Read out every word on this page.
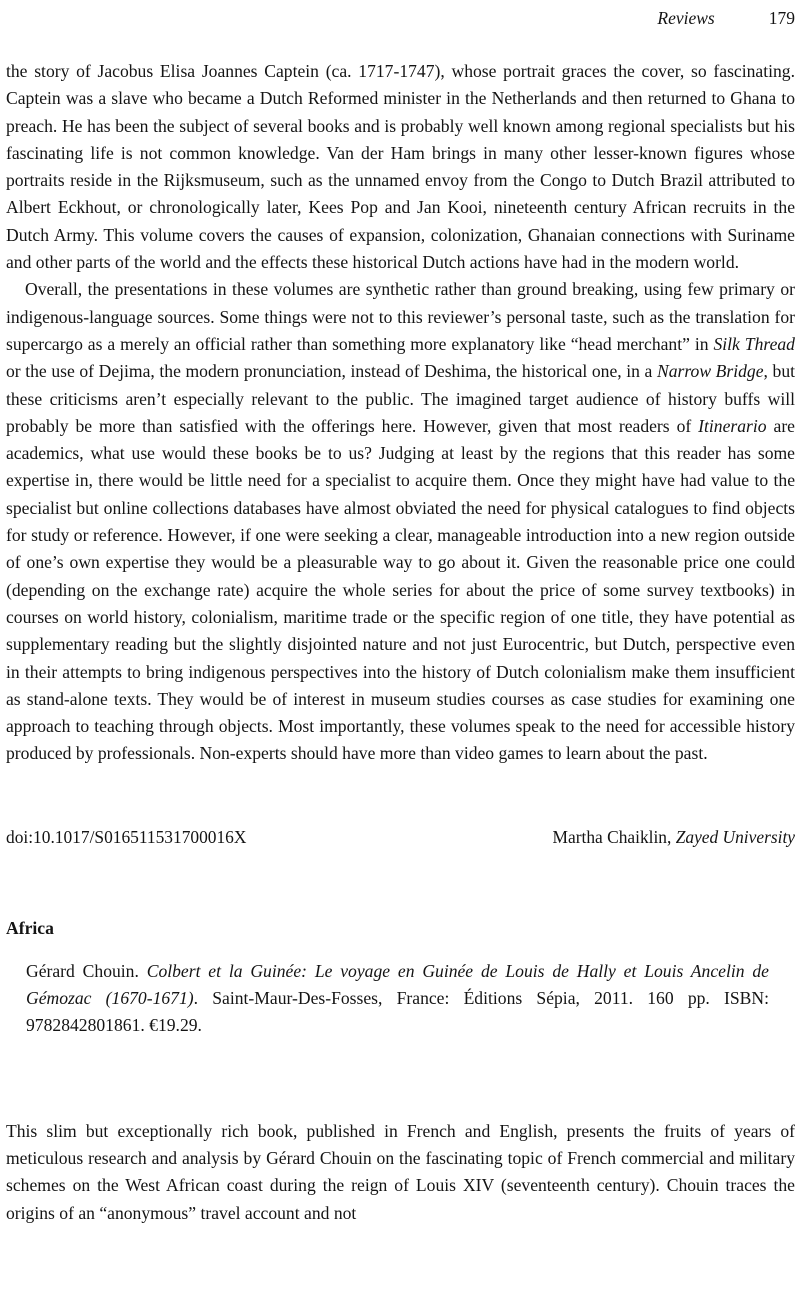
Reviews	179

the story of Jacobus Elisa Joannes Captein (ca. 1717-1747), whose portrait graces the cover, so fascinating. Captein was a slave who became a Dutch Reformed minister in the Netherlands and then returned to Ghana to preach. He has been the subject of several books and is probably well known among regional specialists but his fascinating life is not common knowledge. Van der Ham brings in many other lesser-known figures whose portraits reside in the Rijksmuseum, such as the unnamed envoy from the Congo to Dutch Brazil attributed to Albert Eckhout, or chronologically later, Kees Pop and Jan Kooi, nineteenth century African recruits in the Dutch Army. This volume covers the causes of expansion, colonization, Ghanaian connections with Suriname and other parts of the world and the effects these historical Dutch actions have had in the modern world.

Overall, the presentations in these volumes are synthetic rather than ground breaking, using few primary or indigenous-language sources. Some things were not to this reviewer’s personal taste, such as the translation for supercargo as a merely an official rather than something more explanatory like “head merchant” in Silk Thread or the use of Dejima, the modern pronunciation, instead of Deshima, the historical one, in a Narrow Bridge, but these criticisms aren’t especially relevant to the public. The imagined target audience of history buffs will probably be more than satisfied with the offerings here. However, given that most readers of Itinerario are academics, what use would these books be to us? Judging at least by the regions that this reader has some expertise in, there would be little need for a specialist to acquire them. Once they might have had value to the specialist but online collections databases have almost obviated the need for physical catalogues to find objects for study or reference. However, if one were seeking a clear, manageable introduction into a new region outside of one’s own expertise they would be a pleasurable way to go about it. Given the reasonable price one could (depending on the exchange rate) acquire the whole series for about the price of some survey textbooks) in courses on world history, colonialism, maritime trade or the specific region of one title, they have potential as supplementary reading but the slightly disjointed nature and not just Eurocentric, but Dutch, perspective even in their attempts to bring indigenous perspectives into the history of Dutch colonialism make them insufficient as stand-alone texts. They would be of interest in museum studies courses as case studies for examining one approach to teaching through objects. Most importantly, these volumes speak to the need for accessible history produced by professionals. Non-experts should have more than video games to learn about the past.

doi:10.1017/S016511531700016X	Martha Chaiklin, Zayed University
Africa

Gérard Chouin. Colbert et la Guinée: Le voyage en Guinée de Louis de Hally et Louis Ancelin de Gémozac (1670-1671). Saint-Maur-Des-Fosses, France: Éditions Sépia, 2011. 160 pp. ISBN: 9782842801861. €19.29.

This slim but exceptionally rich book, published in French and English, presents the fruits of years of meticulous research and analysis by Gérard Chouin on the fascinating topic of French commercial and military schemes on the West African coast during the reign of Louis XIV (seventeenth century). Chouin traces the origins of an “anonymous” travel account and not
